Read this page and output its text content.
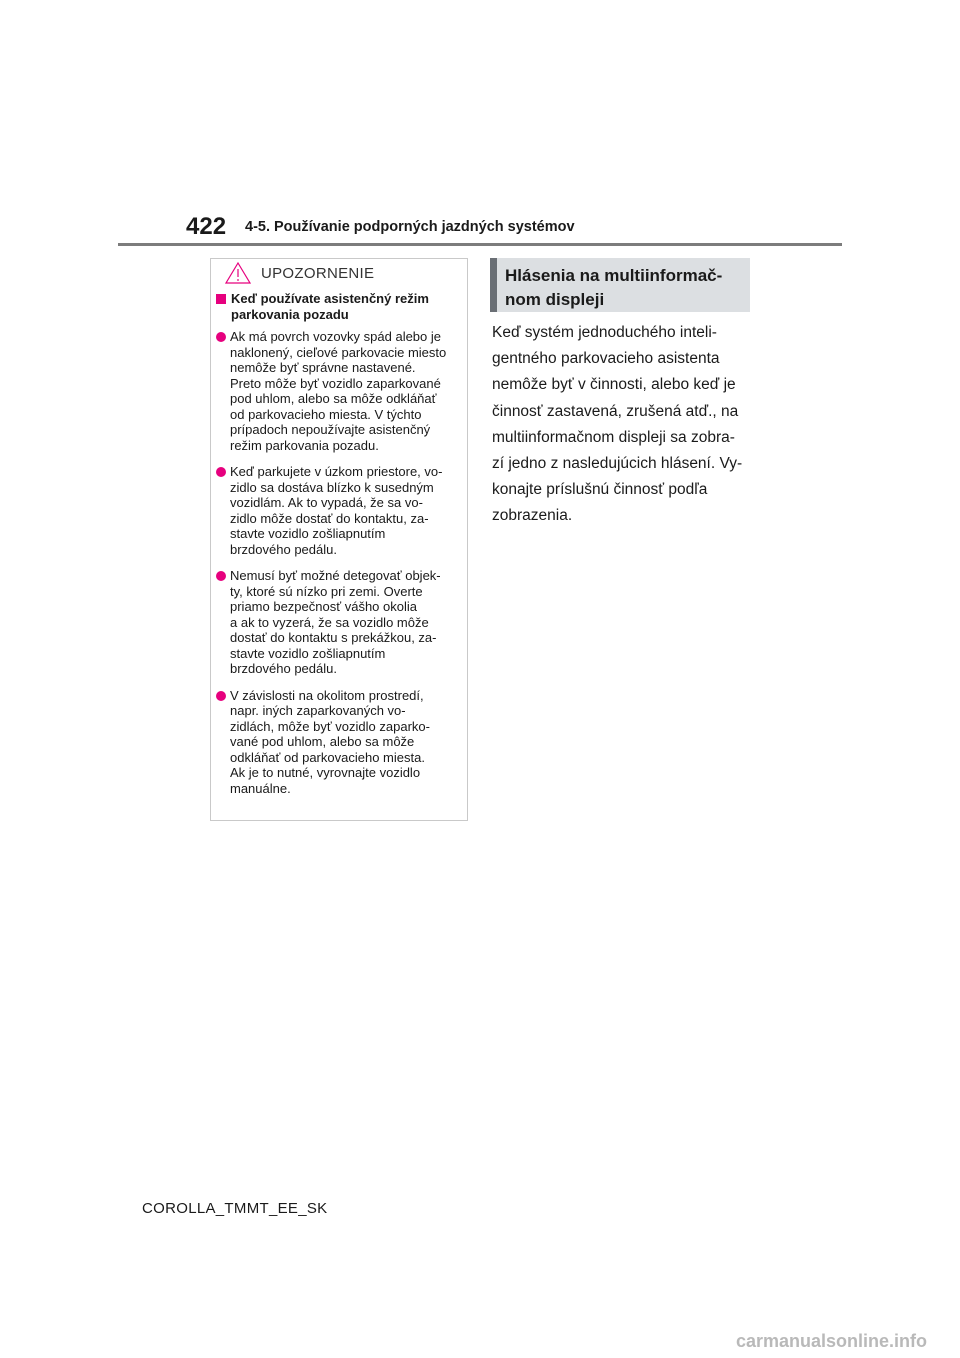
422 4-5. Používanie podporných jazdných systémov
UPOZORNENIE
Keď používate asistenčný režim
parkovania pozadu
Ak má povrch vozovky spád alebo je
naklonený, cieľové parkovacie miesto
nemôže byť správne nastavené.
Preto môže byť vozidlo zaparkované
pod uhlom, alebo sa môže odkláňať
od parkovacieho miesta. V týchto
prípadoch nepoužívajte asistenčný
režim parkovania pozadu.
Keď parkujete v úzkom priestore, vo-
zidlo sa dostáva blízko k susedným
vozidlám. Ak to vypadá, že sa vo-
zidlo môže dostať do kontaktu, za-
stavte vozidlo zošliapnutím
brzdového pedálu.
Nemusí byť možné detegovať objek-
ty, ktoré sú nízko pri zemi. Overte
priamo bezpečnosť vášho okolia
a ak to vyzerá, že sa vozidlo môže
dostať do kontaktu s prekážkou, za-
stavte vozidlo zošliapnutím
brzdového pedálu.
V závislosti na okolitom prostredí,
napr. iných zaparkovaných vo-
zidlách, môže byť vozidlo zaparko-
vané pod uhlom, alebo sa môže
odkláňať od parkovacieho miesta.
Ak je to nutné, vyrovnajte vozidlo
manuálne.
Hlásenia na multiinformač-
nom displeji
Keď systém jednoduchého inteli-
gentného parkovacieho asistenta
nemôže byť v činnosti, alebo keď je
činnosť zastavená, zrušená atď., na
multiinformačnom displeji sa zobra-
zí jedno z nasledujúcich hlásení. Vy-
konajte príslušnú činnosť podľa
zobrazenia.
COROLLA_TMMT_EE_SK
carmanualsonline.info
